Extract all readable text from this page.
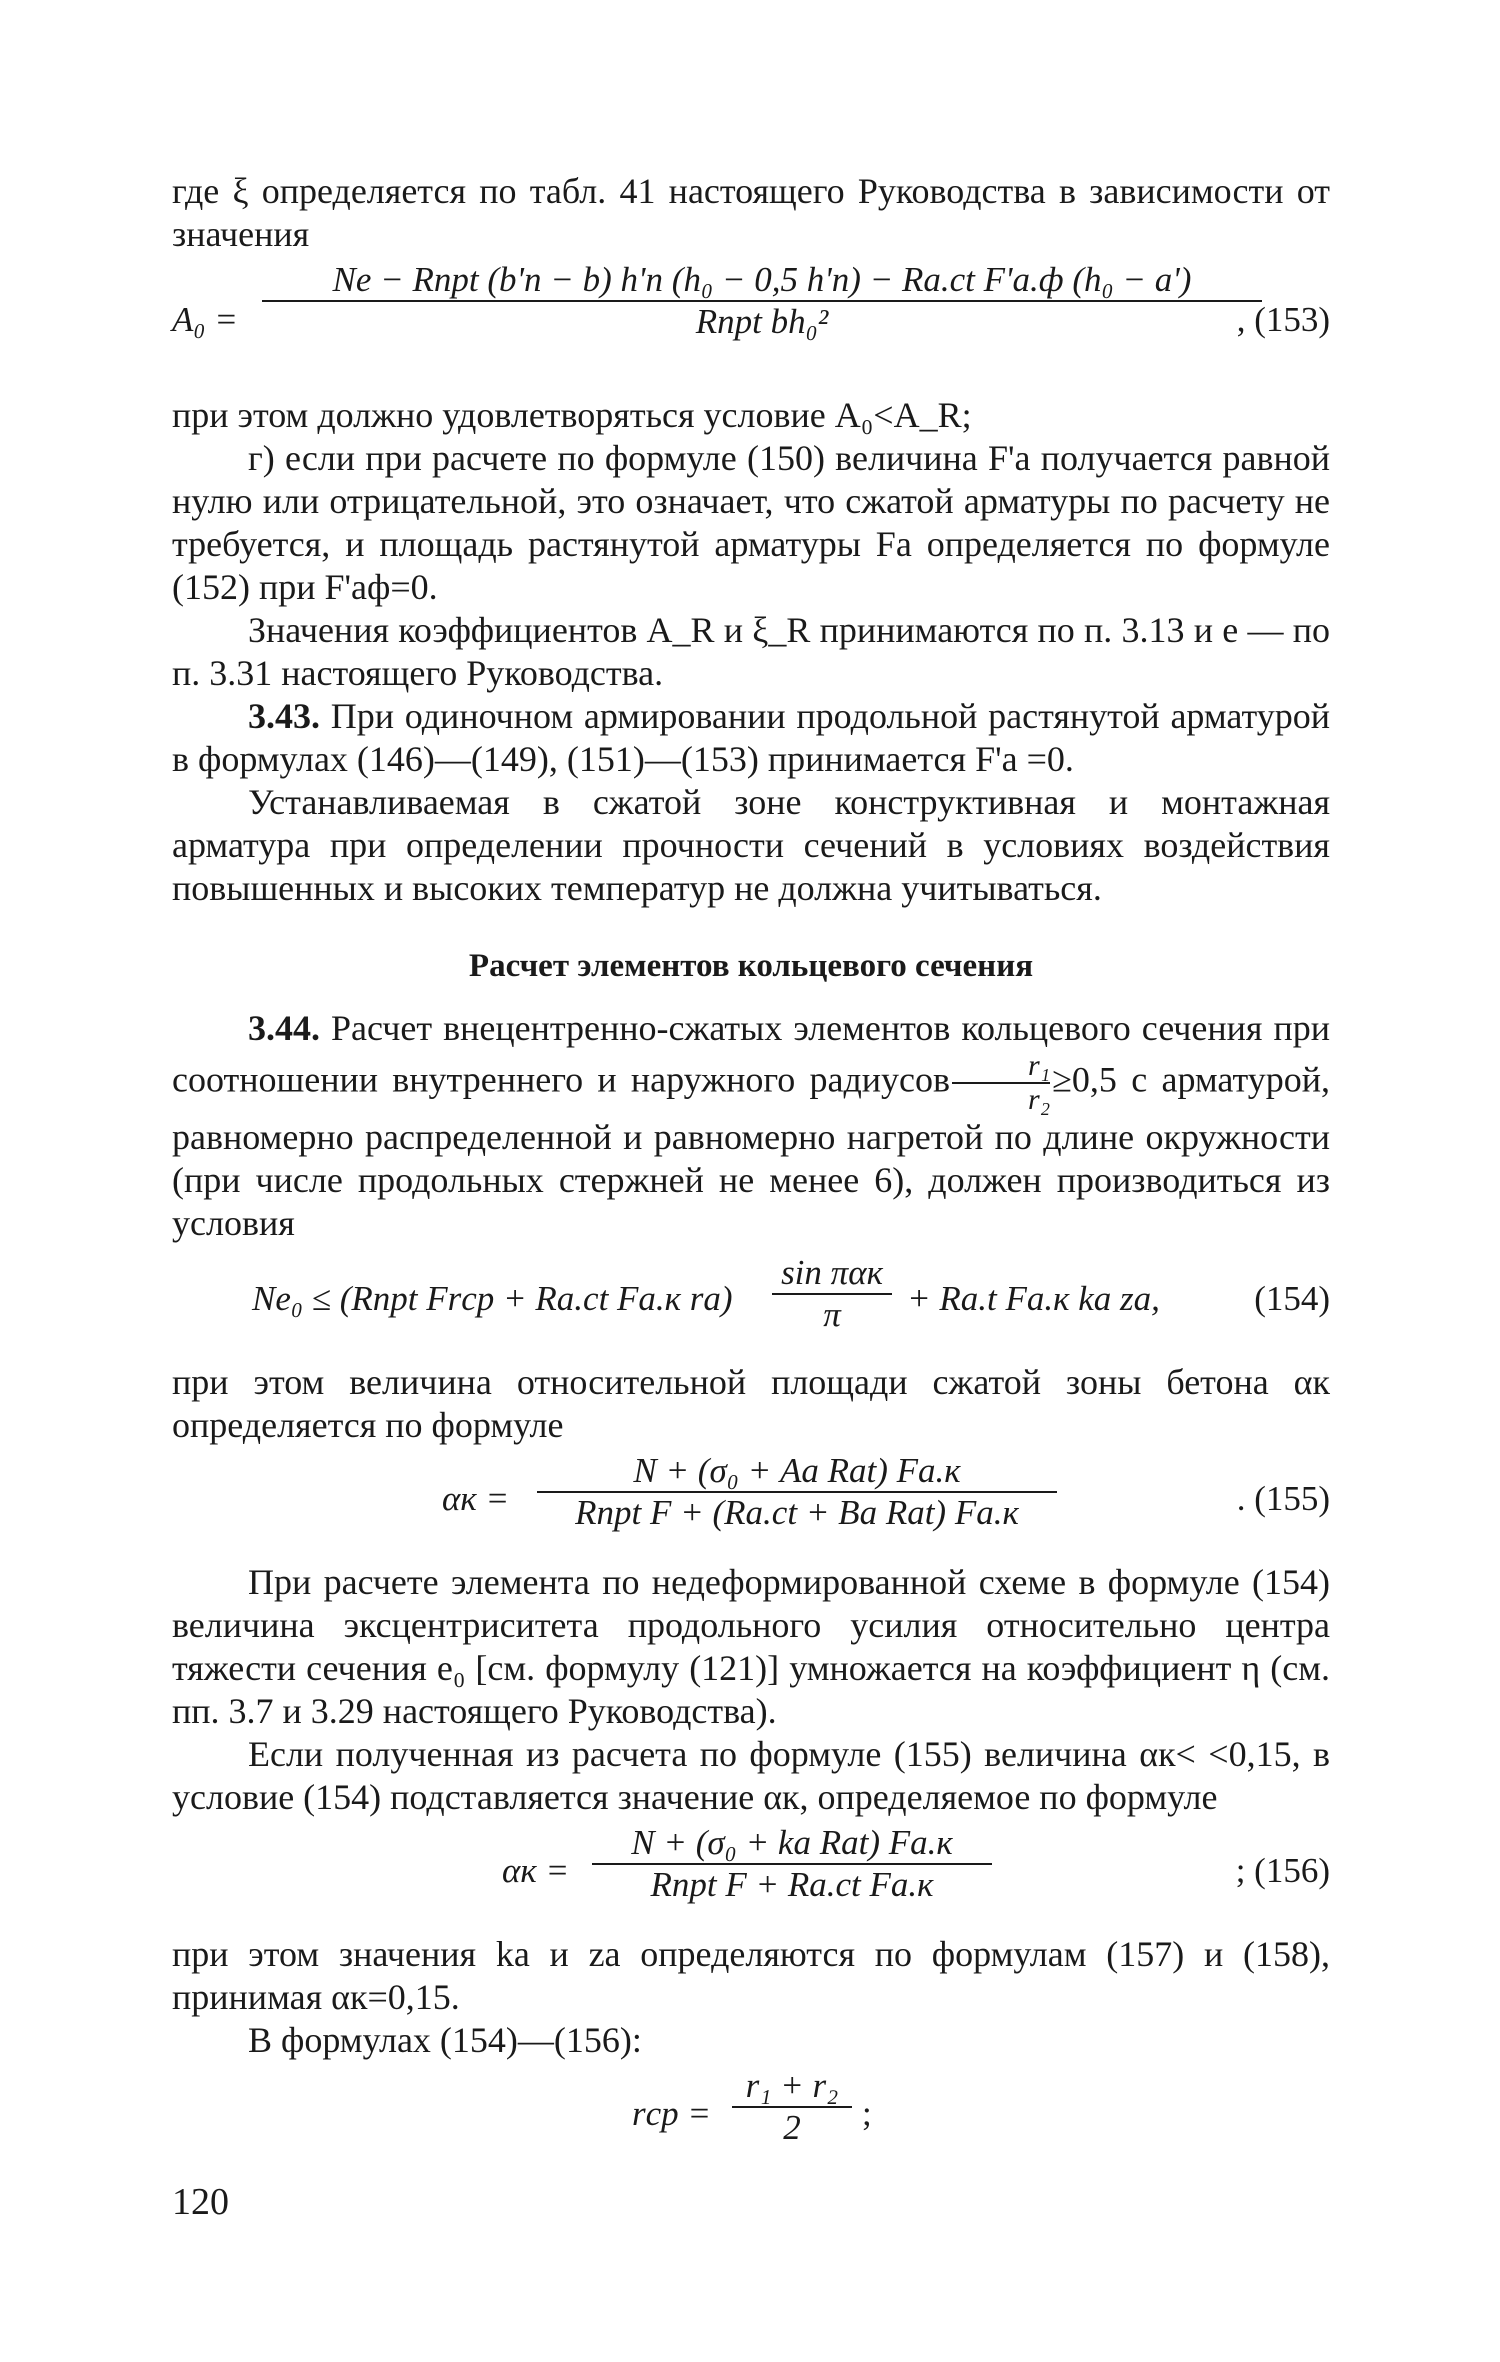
где ξ определяется по табл. 41 настоящего Руководства в зависимости от значения

A₀ =
Ne − Rпрt (b'п − b) h'п (h₀ − 0,5 h'п) − Rа.ct F'а.ф (h₀ − a')
Rпрt bh₀²	, (153)

при этом должно удовлетворяться условие A₀<A_R;

г) если при расчете по формуле (150) величина F'а получается равной нулю или отрицательной, это означает, что сжатой арматуры по расчету не требуется, и площадь растянутой арматуры Fа определяется по формуле (152) при F'аф=0.

Значения коэффициентов A_R и ξ_R принимаются по п. 3.13 и е — по п. 3.31 настоящего Руководства.

3.43. При одиночном армировании продольной растянутой арматурой в формулах (146)—(149), (151)—(153) принимается F'а =0.

Устанавливаемая в сжатой зоне конструктивная и монтажная арматура при определении прочности сечений в условиях воздействия повышенных и высоких температур не должна учитываться.

Расчет элементов кольцевого сечения

3.44. Расчет внецентренно-сжатых элементов кольцевого сечения при соотношении внутреннего и наружного радиусов $\frac{\text{r₁}}{\text{r₂}} \ge 0,5$ с арматурой, равномерно распределенной и равномерно нагретой по длине окружности (при числе продольных стержней не менее 6), должен производиться из условия

Ne₀ ≤ (Rпрt Frср + Rа.ct Fа.к rа)
sin παк
π + Rа.t Fа.к kа zа,	(154)

при этом величина относительной площади сжатой зоны бетона αк определяется по формуле

αк =
N + (σ₀ + Aа Rаt) Fа.к
Rпрt F + (Rа.ct + Bа Rаt) Fа.к	. (155)

При расчете элемента по недеформированной схеме в формуле (154) величина эксцентриситета продольного усилия относительно центра тяжести сечения e₀ [см. формулу (121)] умножается на коэффициент η (см. пп. 3.7 и 3.29 настоящего Руководства).

Если полученная из расчета по формуле (155) величина αк< <0,15, в условие (154) подставляется значение αк, определяемое по формуле

αк =
N + (σ₀ + kа Rаt) Fа.к
Rпрt F + Rа.ct Fа.к	; (156)

при этом значения kа и zа определяются по формулам (157) и (158), принимая αк=0,15.

В формулах (154)—(156):

rср =
r₁ + r₂
2 ;
120
